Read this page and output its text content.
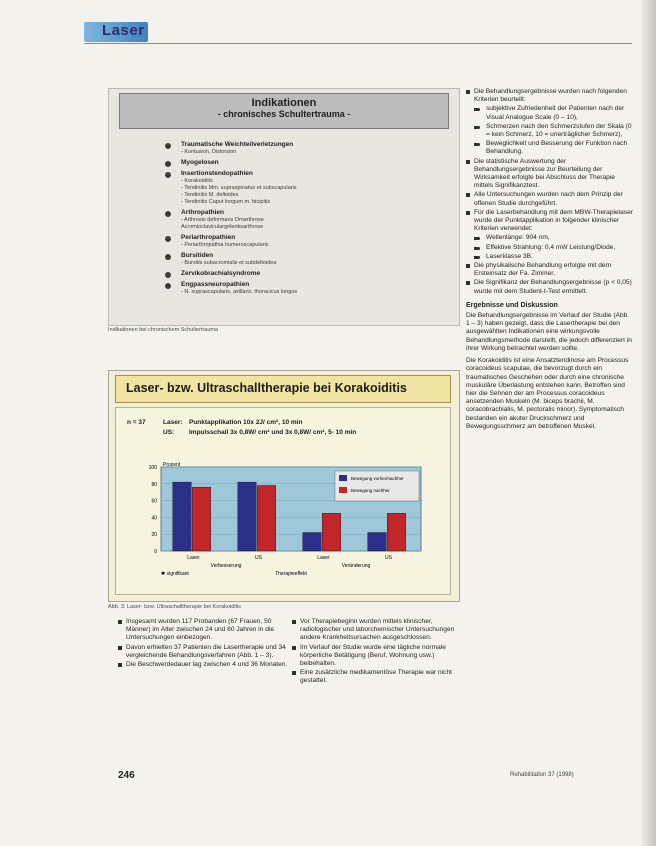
Laser
Indikationen
- chronisches Schultertrauma -
Traumatische Weichteilverletzungen
- Kontusion, Distorsion
Myogelosen
Insertionstendopathien
- Korakoiditis
- Tendinitis Mm. supraspinatus et subscapularis
- Tendinitis M. deltoides
- Tendinitis Caput longum m. bicipitis
Arthropathien
- Arthrosis deformans Omarthrose
Acromioclaviculargelenksarthrose
Periarthropathien
- Periarthropathia humeroscapularis
Bursitiden
- Bursitis subacromialis et subdeltoidea
Zervikobrachialsyndrome
Engpassneuropathien
- N. suprascapularis, axillaris, thoracicus longus
Indikationen bei chronischem Schultertrauma
Laser- bzw. Ultraschalltherapie bei Korakoiditis
n = 37	Laser: Punktapplikation 10x 2J/ cm², 10 min
US: Impulsschall 3x 0,8W/ cm² und 3x 0,8W/ cm², 5- 10 min
0
20
40
60
80
100 Prozent
Laser	US	Laser	US
Verbesserung	Veränderung
Therapieeffekt
✱ signifikant
Bewegung vorher/nachher
Bewegung nachher
Abb. 3: Laser- bzw. Ultraschalltherapie bei Korakoiditis
Die Behandlungsergebnisse wurden nach folgenden Kriterien beurteilt:
subjektive Zufriedenheit der Patienten nach der Visual Analogue Scale (0 – 10),
Schmerzen nach den Schmerzstufen der Skala (0 = kein Schmerz, 10 = unerträglicher Schmerz),
Beweglichkeit und Besserung der Funktion nach Behandlung.
Die statistische Auswertung der Behandlungsergebnisse zur Beurteilung der Wirksamkeit erfolgte bei Abschluss der Therapie mittels Signifikanztest.
Alle Untersuchungen wurden nach dem Prinzip der offenen Studie durchgeführt.
Für die Laserbehandlung mit dem MBW-Therapielaser wurde der Punktapplikation in folgender klinischer Kriterien verwendet:
Wellenlänge: 904 nm,
Effektive Strahlung: 0,4 mW Leistung/Diode,
Laserklasse 3B.
Die physikalische Behandlung erfolgte mit dem Ersteinsatz der Fa. Zimmer.
Die Signifikanz der Behandlungsergebnisse (p < 0,05) wurde mit dem Student-t-Test ermittelt.
Ergebnisse und Diskussion

Die Behandlungsergebnisse im Verlauf der Studie (Abb. 1 – 3) haben gezeigt, dass die Lasertherapie bei den ausgewählten Indikationen eine wirkungsvolle Behandlungsmethode darstellt, die jedoch differenziert in ihrer Wirkung betrachtet werden sollte.

Die Korakoiditis ist eine Ansatztendinose am Processus coracoideus scapulae, die bevorzugt durch ein traumatisches Geschehen oder durch eine chronische muskuläre Überlastung entstehen kann. Betroffen sind hier die Sehnen der am Processus coracoideus ansetzenden Muskeln (M. biceps brachii, M. coracobrachialis, M. pectoralis minor). Symptomatisch bestanden ein akuter Druckschmerz und Bewegungsschmerz am betroffenen Muskel.

Insgesamt wurden 117 Probanden (67 Frauen, 50 Männer) im Alter zwischen 24 und 80 Jahren in die Untersuchungen einbezogen.
Davon erhielten 37 Patienten die Lasertherapie und 34 vergleichende Behandlungsverfahren (Abb. 1 – 3).
Die Beschwerdedauer lag zwischen 4 und 36 Monaten.
Vor Therapiebeginn wurden mittels klinischer, radiologischer und laborchemischer Untersuchungen andere Krankheitsursachen ausgeschlossen.
Im Verlauf der Studie wurde eine tägliche normale körperliche Betätigung (Beruf, Wohnung usw.) beibehalten.
Eine zusätzliche medikamentöse Therapie war nicht gestattet.
246	Rehabilitation 37 (1998)
